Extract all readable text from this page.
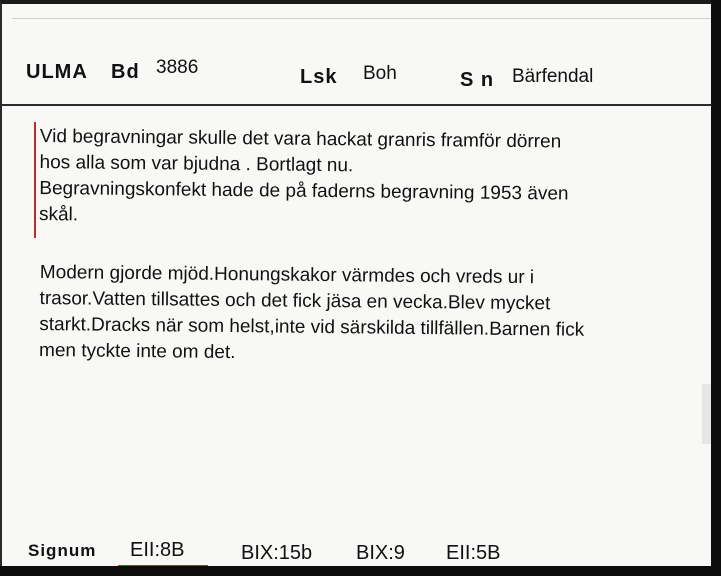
ULMA Bd 3886	Lsk Boh	S n Bärfendal
Vid begravningar skulle det vara hackat granris framför dörren
hos alla som var bjudna . Bortlagt nu.
Begravningskonfekt hade de på faderns begravning 1953 även
skål.
Modern gjorde mjöd.Honungskakor värmdes och vreds ur i
trasor.Vatten tillsattes och det fick jäsa en vecka.Blev mycket
starkt.Dracks när som helst,inte vid särskilda tillfällen.Barnen fick
men tyckte inte om det.
Signum EII:8B	BIX:15b BIX:9 EII:5B
